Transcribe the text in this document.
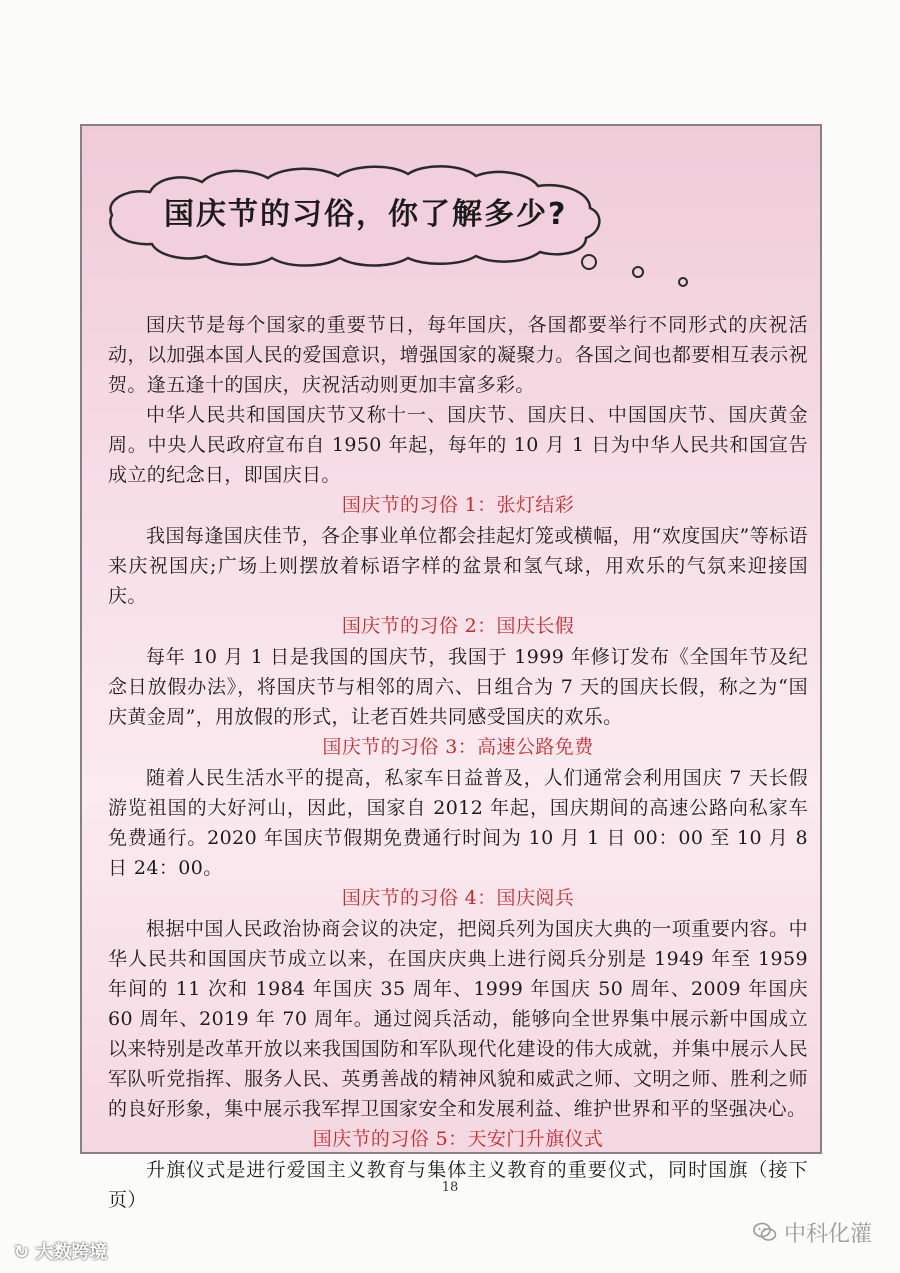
国庆节的习俗，你了解多少?

国庆节是每个国家的重要节日，每年国庆，各国都要举行不同形式的庆祝活动，以加强本国人民的爱国意识，增强国家的凝聚力。各国之间也都要相互表示祝贺。逢五逢十的国庆，庆祝活动则更加丰富多彩。

中华人民共和国国庆节又称十一、国庆节、国庆日、中国国庆节、国庆黄金周。中央人民政府宣布自 1950 年起，每年的 10 月 1 日为中华人民共和国宣告成立的纪念日，即国庆日。

国庆节的习俗 1：张灯结彩

我国每逢国庆佳节，各企事业单位都会挂起灯笼或横幅，用“欢度国庆”等标语来庆祝国庆;广场上则摆放着标语字样的盆景和氢气球，用欢乐的气氛来迎接国庆。

国庆节的习俗 2：国庆长假

每年 10 月 1 日是我国的国庆节，我国于 1999 年修订发布《全国年节及纪念日放假办法》，将国庆节与相邻的周六、日组合为 7 天的国庆长假，称之为“国庆黄金周”，用放假的形式，让老百姓共同感受国庆的欢乐。

国庆节的习俗 3：高速公路免费

随着人民生活水平的提高，私家车日益普及，人们通常会利用国庆 7 天长假游览祖国的大好河山，因此，国家自 2012 年起，国庆期间的高速公路向私家车免费通行。2020 年国庆节假期免费通行时间为 10 月 1 日 00：00 至 10 月 8 日 24：00。

国庆节的习俗 4：国庆阅兵

根据中国人民政治协商会议的决定，把阅兵列为国庆大典的一项重要内容。中华人民共和国国庆节成立以来，在国庆庆典上进行阅兵分别是 1949 年至 1959 年间的 11 次和 1984 年国庆 35 周年、1999 年国庆 50 周年、2009 年国庆 60 周年、2019 年 70 周年。通过阅兵活动，能够向全世界集中展示新中国成立以来特别是改革开放以来我国国防和军队现代化建设的伟大成就，并集中展示人民军队听党指挥、服务人民、英勇善战的精神风貌和威武之师、文明之师、胜利之师的良好形象，集中展示我军捍卫国家安全和发展利益、维护世界和平的坚强决心。

国庆节的习俗 5：天安门升旗仪式

升旗仪式是进行爱国主义教育与集体主义教育的重要仪式，同时国旗（接下页）

18
↻ 大数跨境
中科化灌
